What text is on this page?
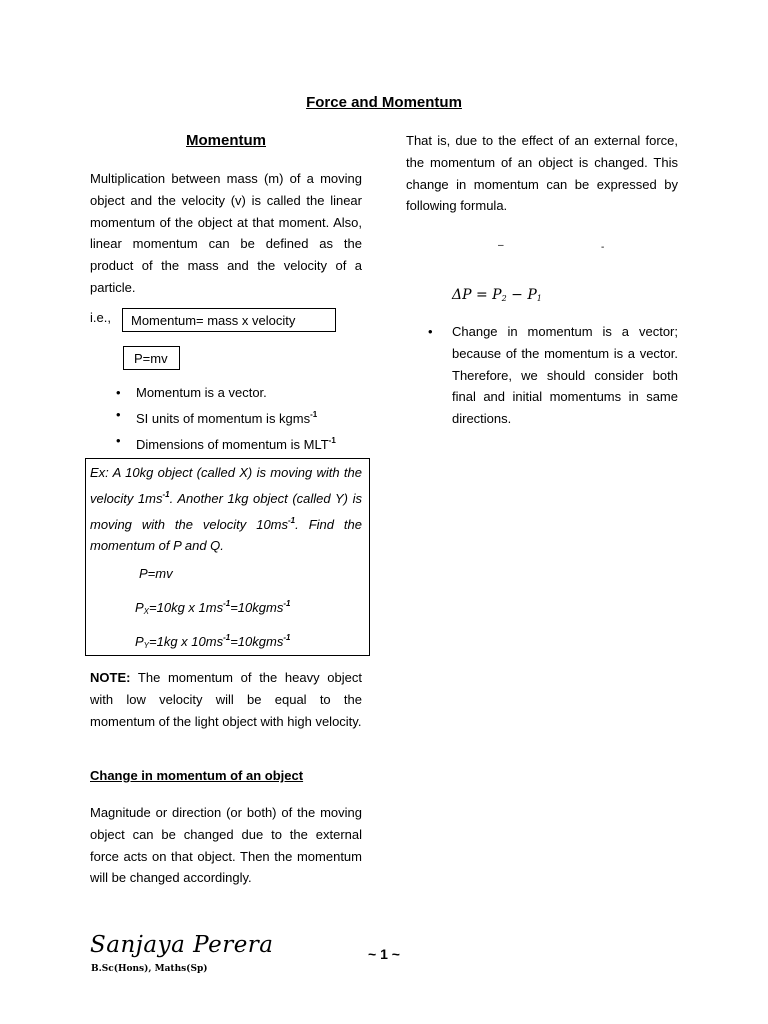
Force and Momentum
Momentum
Multiplication between mass (m) of a moving object and the velocity (v) is called the linear momentum of the object at that moment. Also, linear momentum can be defined as the product of the mass and the velocity of a particle.
i.e.,	Momentum= mass x velocity
P=mv
• Momentum is a vector.
• SI units of momentum is kgms$^{-1}$
• Dimensions of momentum is $MLT^{-1}$
Ex: A 10kg object (called X) is moving with the velocity $1ms^{-1}$. Another 1kg object (called Y) is moving with the velocity $10ms^{-1}$. Find the momentum of P and Q.
P=mv
$P_X=10kg$ x $1ms^{-1}=10kgms^{-1}$
$P_Y=1kg$ x $10ms^{-1}=10kgms^{-1}$
NOTE: The momentum of the heavy object with low velocity will be equal to the momentum of the light object with high velocity.
Change in momentum of an object
Magnitude or direction (or both) of the moving object can be changed due to the external force acts on that object. Then the momentum will be changed accordingly.
That is, due to the effect of an external force, the momentum of an object is changed. This change in momentum can be expressed by following formula.
–	-
$\Delta P = P_2 - P_1$
• Change in momentum is a vector; because of the momentum is a vector. Therefore, we should consider both final and initial momentums in same directions.
Sanjaya Perera
B.Sc(Hons), Maths(Sp)
~ 1 ~
